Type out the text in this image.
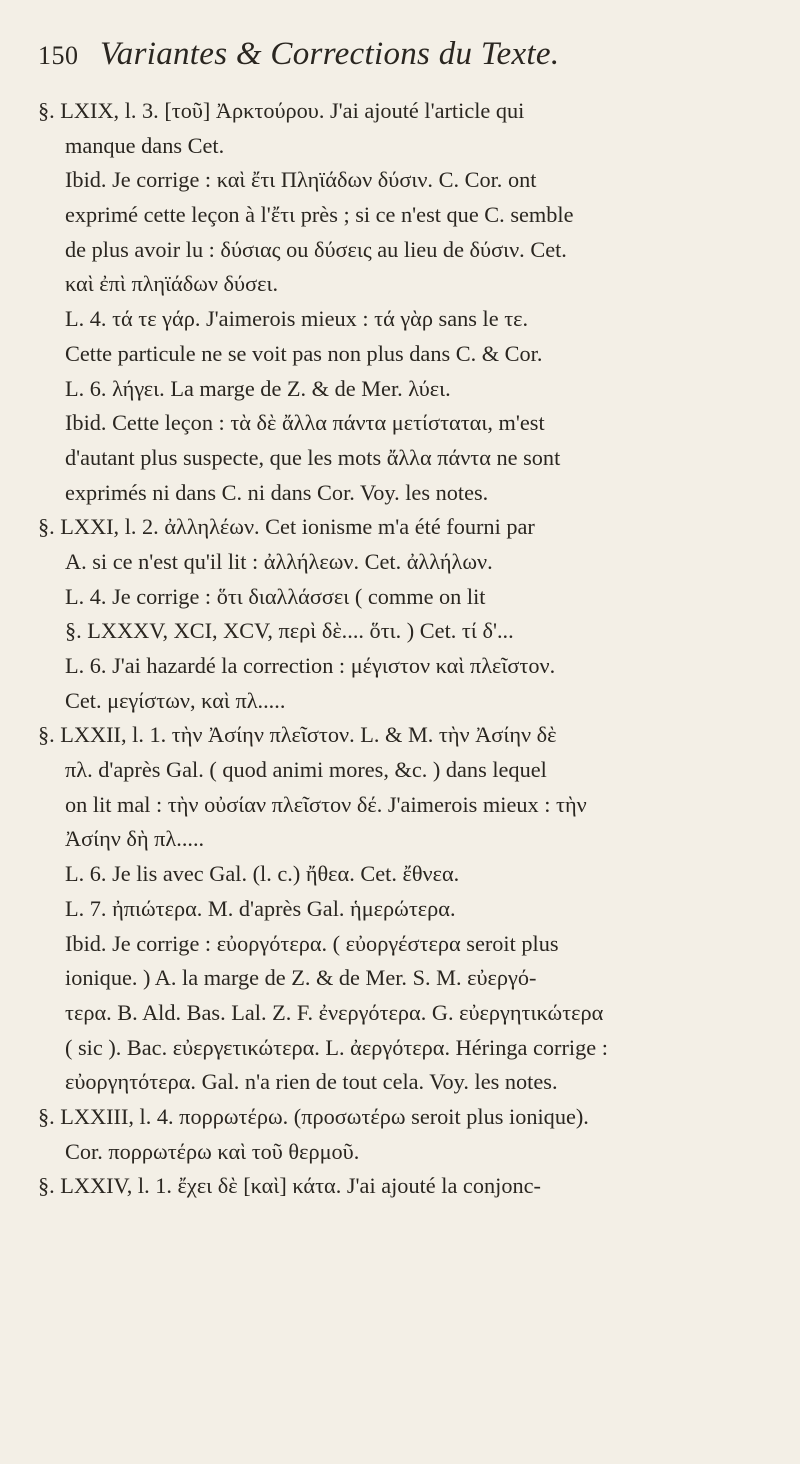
150 Variantes & Corrections du Texte.
§. LXIX, l. 3. [τοῦ] Ἀρκτούρου. J'ai ajouté l'article qui
manque dans Cet.
Ibid. Je corrige : καὶ ἔτι Πληϊάδων δύσιν. C. Cor. ont
exprimé cette leçon à l'ἔτι près ; si ce n'est que C. semble
de plus avoir lu : δύσιας ou δύσεις au lieu de δύσιν. Cet.
καὶ ἐπὶ πληϊάδων δύσει.
L. 4. τά τε γάρ. J'aimerois mieux : τά γὰρ sans le τε.
Cette particule ne se voit pas non plus dans C. & Cor.
L. 6. λήγει. La marge de Z. & de Mer. λύει.
Ibid. Cette leçon : τὰ δὲ ἄλλα πάντα μετίσταται, m'est
d'autant plus suspecte, que les mots ἄλλα πάντα ne sont
exprimés ni dans C. ni dans Cor. Voy. les notes.
§. LXXI, l. 2. ἀλληλέων. Cet ionisme m'a été fourni par
A. si ce n'est qu'il lit : ἀλλήλεων. Cet. ἀλλήλων.
L. 4. Je corrige : ὅτι διαλλάσσει ( comme on lit
§. LXXXV, XCI, XCV, περὶ δὲ.... ὅτι. ) Cet. τί δ'...
L. 6. J'ai hazardé la correction : μέγιστον καὶ πλεῖστον.
Cet. μεγίστων, καὶ πλ.....
§. LXXII, l. 1. τὴν Ἀσίην πλεῖστον. L. & M. τὴν Ἀσίην δὲ
πλ. d'après Gal. ( quod animi mores, &c. ) dans lequel
on lit mal : τὴν οὐσίαν πλεῖστον δέ. J'aimerois mieux : τὴν
Ἀσίην δὴ πλ.....
L. 6. Je lis avec Gal. (l. c.) ἤθεα. Cet. ἔθνεα.
L. 7. ἠπιώτερα. M. d'après Gal. ἡμερώτερα.
Ibid. Je corrige : εὐοργότερα. ( εὐοργέστερα seroit plus
ionique. ) A. la marge de Z. & de Mer. S. M. εὐεργό-
τερα. B. Ald. Bas. Lal. Z. F. ἐνεργότερα. G. εὐεργητικώτερα
( sic ). Bac. εὐεργετικώτερα. L. ἀεργότερα. Héringa corrige :
εὐοργητότερα. Gal. n'a rien de tout cela. Voy. les notes.
§. LXXIII, l. 4. πορρωτέρω. (προσωτέρω seroit plus ionique).
Cor. πορρωτέρω καὶ τοῦ θερμοῦ.
§. LXXIV, l. 1. ἔχει δὲ [καὶ] κάτα. J'ai ajouté la conjonc-
